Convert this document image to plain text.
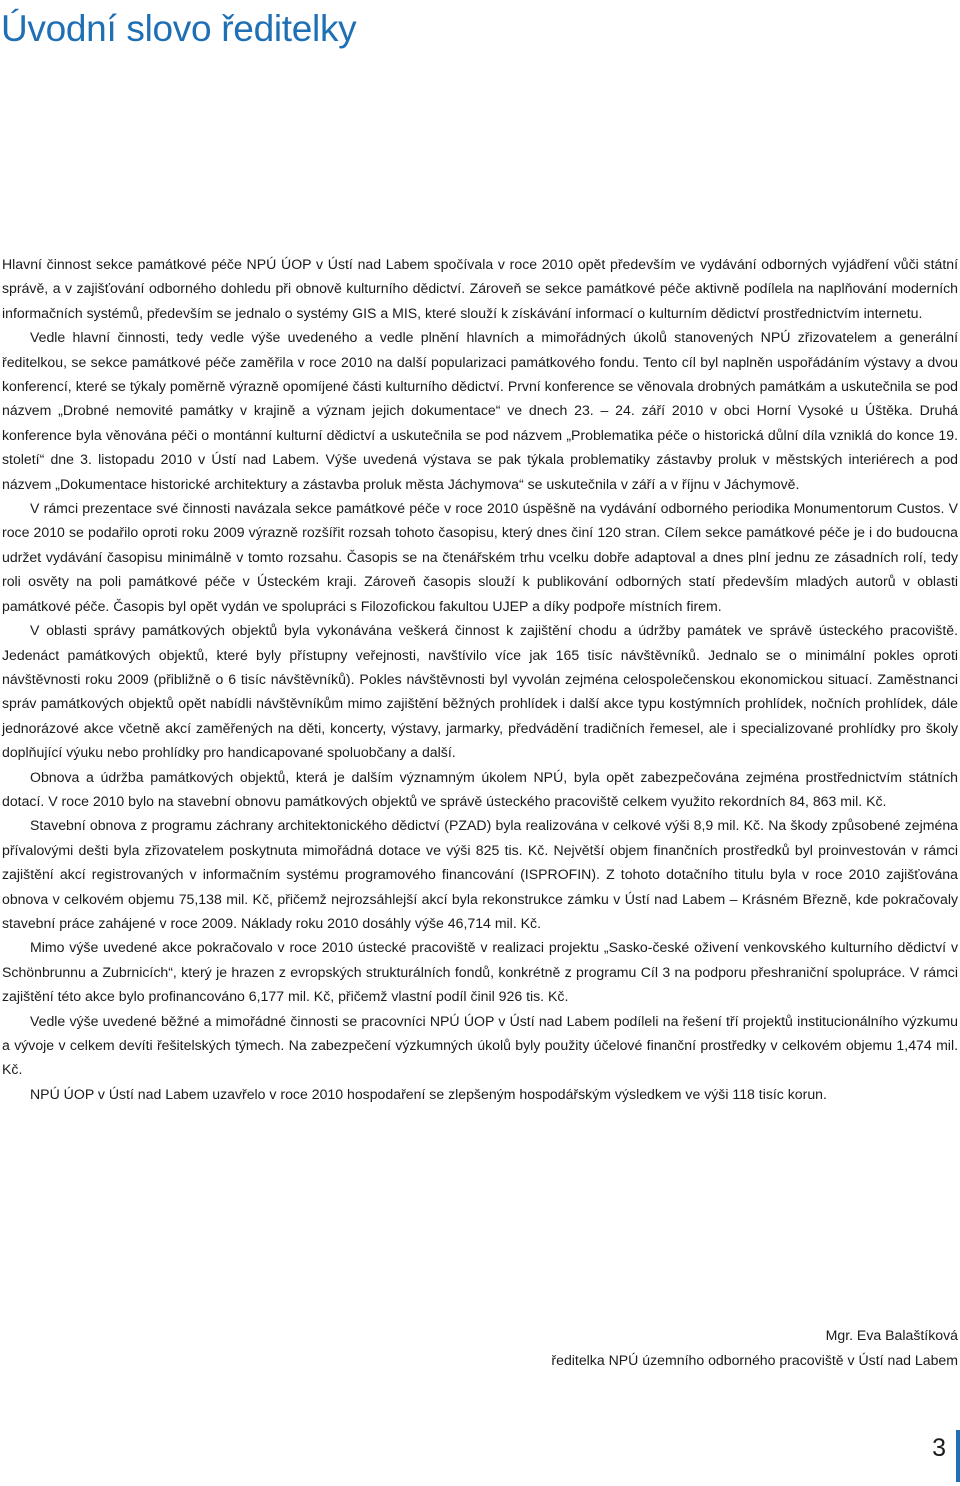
Úvodní slovo ředitelky

Hlavní činnost sekce památkové péče NPÚ ÚOP v Ústí nad Labem spočívala v roce 2010 opět především ve vydávání odborných vyjádření vůči státní správě, a v zajišťování odborného dohledu při obnově kulturního dědictví. Zároveň se sekce památkové péče aktivně podílela na naplňování moderních informačních systémů, především se jednalo o systémy GIS a MIS, které slouží k získávání informací o kulturním dědictví prostřednictvím internetu.

Vedle hlavní činnosti, tedy vedle výše uvedeného a vedle plnění hlavních a mimořádných úkolů stanovených NPÚ zřizovatelem a generální ředitelkou, se sekce památkové péče zaměřila v roce 2010 na další popularizaci památkového fondu. Tento cíl byl naplněn uspořádáním výstavy a dvou konferencí, které se týkaly poměrně výrazně opomíjené části kulturního dědictví. První konference se věnovala drobných památkám a uskutečnila se pod názvem „Drobné nemovité památky v krajině a význam jejich dokumentace“ ve dnech 23. – 24. září 2010 v obci Horní Vysoké u Úštěka. Druhá konference byla věnována péči o montánní kulturní dědictví a uskutečnila se pod názvem „Problematika péče o historická důlní díla vzniklá do konce 19. století“ dne 3. listopadu 2010 v Ústí nad Labem. Výše uvedená výstava se pak týkala problematiky zástavby proluk v městských interiérech a pod názvem „Dokumentace historické architektury a zástavba proluk města Jáchymova“ se uskutečnila v září a v říjnu v Jáchymově.

V rámci prezentace své činnosti navázala sekce památkové péče v roce 2010 úspěšně na vydávání odborného periodika Monumentorum Custos. V roce 2010 se podařilo oproti roku 2009 výrazně rozšířit rozsah tohoto časopisu, který dnes činí 120 stran. Cílem sekce památkové péče je i do budoucna udržet vydávání časopisu minimálně v tomto rozsahu. Časopis se na čtenářském trhu vcelku dobře adaptoval a dnes plní jednu ze zásadních rolí, tedy roli osvěty na poli památkové péče v Ústeckém kraji. Zároveň časopis slouží k publikování odborných statí především mladých autorů v oblasti památkové péče. Časopis byl opět vydán ve spolupráci s Filozofickou fakultou UJEP a díky podpoře místních firem.

V oblasti správy památkových objektů byla vykonávána veškerá činnost k zajištění chodu a údržby památek ve správě ústeckého pracoviště. Jedenáct památkových objektů, které byly přístupny veřejnosti, navštívilo více jak 165 tisíc návštěvníků. Jednalo se o minimální pokles oproti návštěvnosti roku 2009 (přibližně o 6 tisíc návštěvníků). Pokles návštěvnosti byl vyvolán zejména celospolečenskou ekonomickou situací. Zaměstnanci správ památkových objektů opět nabídli návštěvníkům mimo zajištění běžných prohlídek i další akce typu kostýmních prohlídek, nočních prohlídek, dále jednorázové akce včetně akcí zaměřených na děti, koncerty, výstavy, jarmarky, předvádění tradičních řemesel, ale i specializované prohlídky pro školy doplňující výuku nebo prohlídky pro handicapované spoluobčany a další.

Obnova a údržba památkových objektů, která je dalším významným úkolem NPÚ, byla opět zabezpečována zejména prostřednictvím státních dotací. V roce 2010 bylo na stavební obnovu památkových objektů ve správě ústeckého pracoviště celkem využito rekordních 84, 863 mil. Kč.

Stavební obnova z programu záchrany architektonického dědictví (PZAD) byla realizována v celkové výši 8,9 mil. Kč. Na škody způsobené zejména přívalovými dešti byla zřizovatelem poskytnuta mimořádná dotace ve výši 825 tis. Kč. Největší objem finančních prostředků byl proinvestován v rámci zajištění akcí registrovaných v informačním systému programového financování (ISPROFIN). Z tohoto dotačního titulu byla v roce 2010 zajišťována obnova v celkovém objemu 75,138 mil. Kč, přičemž nejrozsáhlejší akcí byla rekonstrukce zámku v Ústí nad Labem – Krásném Březně, kde pokračovaly stavební práce zahájené v roce 2009. Náklady roku 2010 dosáhly výše 46,714 mil. Kč.

Mimo výše uvedené akce pokračovalo v roce 2010 ústecké pracoviště v realizaci projektu „Sasko-české oživení venkovského kulturního dědictví v Schönbrunnu a Zubrnicích“, který je hrazen z evropských strukturálních fondů, konkrétně z programu Cíl 3 na podporu přeshraniční spolupráce. V rámci zajištění této akce bylo profinancováno 6,177 mil. Kč, přičemž vlastní podíl činil 926 tis. Kč.

Vedle výše uvedené běžné a mimořádné činnosti se pracovníci NPÚ ÚOP v Ústí nad Labem podíleli na řešení tří projektů institucionálního výzkumu a vývoje v celkem devíti řešitelských týmech. Na zabezpečení výzkumných úkolů byly použity účelové finanční prostředky v celkovém objemu 1,474 mil. Kč.

NPÚ ÚOP v Ústí nad Labem uzavřelo v roce 2010 hospodaření se zlepšeným hospodářským výsledkem ve výši 118 tisíc korun.

Mgr. Eva Balaštíková
ředitelka NPÚ územního odborného pracoviště v Ústí nad Labem
3
